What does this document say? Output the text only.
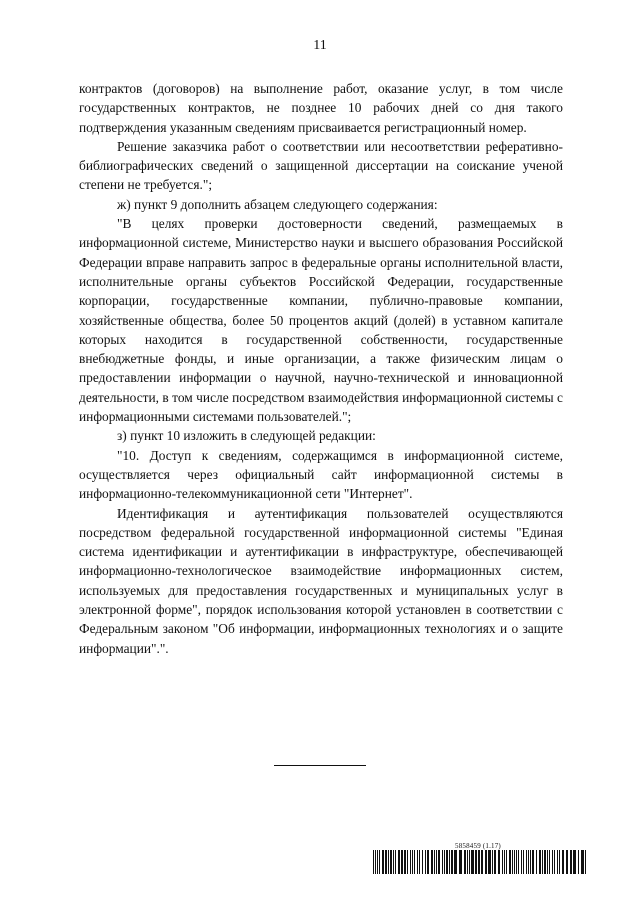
11

контрактов (договоров) на выполнение работ, оказание услуг, в том числе государственных контрактов, не позднее 10 рабочих дней со дня такого подтверждения указанным сведениям присваивается регистрационный номер.

Решение заказчика работ о соответствии или несоответствии реферативно-библиографических сведений о защищенной диссертации на соискание ученой степени не требуется.";

ж) пункт 9 дополнить абзацем следующего содержания:

"В целях проверки достоверности сведений, размещаемых в информационной системе, Министерство науки и высшего образования Российской Федерации вправе направить запрос в федеральные органы исполнительной власти, исполнительные органы субъектов Российской Федерации, государственные корпорации, государственные компании, публично-правовые компании, хозяйственные общества, более 50 процентов акций (долей) в уставном капитале которых находится в государственной собственности, государственные внебюджетные фонды, и иные организации, а также физическим лицам о предоставлении информации о научной, научно-технической и инновационной деятельности, в том числе посредством взаимодействия информационной системы с информационными системами пользователей.";

з) пункт 10 изложить в следующей редакции:

"10. Доступ к сведениям, содержащимся в информационной системе, осуществляется через официальный сайт информационной системы в информационно-телекоммуникационной сети "Интернет".

Идентификация и аутентификация пользователей осуществляются посредством федеральной государственной информационной системы "Единая система идентификации и аутентификации в инфраструктуре, обеспечивающей информационно-технологическое взаимодействие информационных систем, используемых для предоставления государственных и муниципальных услуг в электронной форме", порядок использования которой установлен в соответствии с Федеральным законом "Об информации, информационных технологиях и о защите информации".".

5858459 (1.17)
